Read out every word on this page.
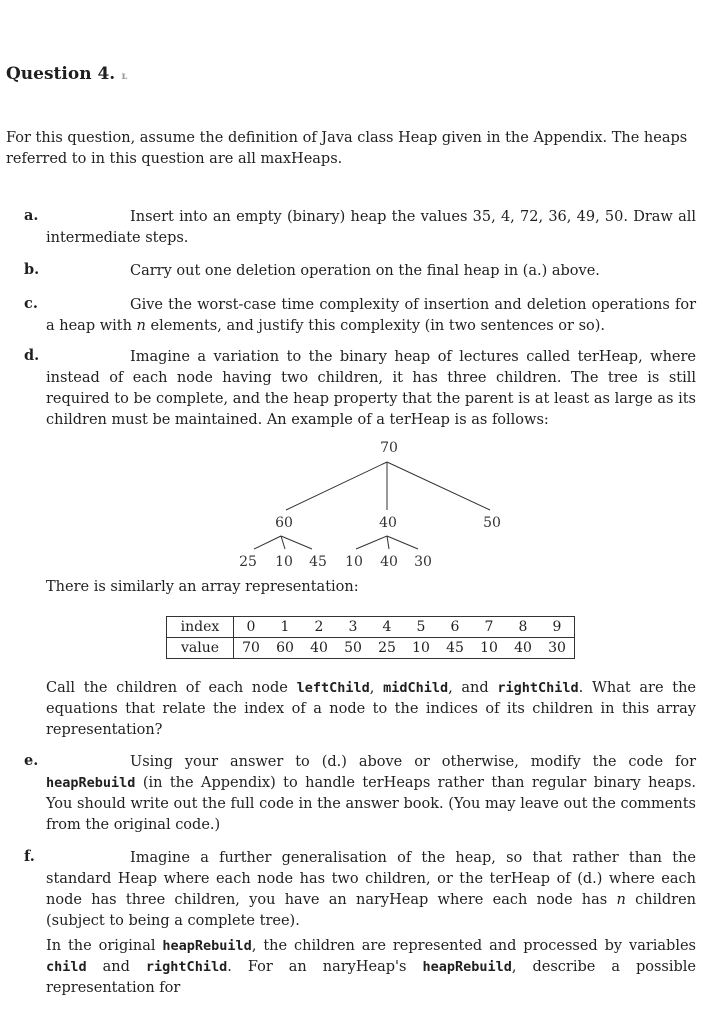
Question 4. ʟ
For this question, assume the definition of Java class Heap given in the Appendix. The heaps referred to in this question are all maxHeaps.
a.	Insert into an empty (binary) heap the values 35, 4, 72, 36, 49, 50. Draw all intermediate steps.
b.	Carry out one deletion operation on the final heap in (a.) above.
c.	Give the worst-case time complexity of insertion and deletion operations for a heap with n elements, and justify this complexity (in two sentences or so).
d.	Imagine a variation to the binary heap of lectures called terHeap, where instead of each node having two children, it has three children. The tree is still required to be complete, and the heap property that the parent is at least as large as its children must be maintained. An example of a terHeap is as follows:
70
60	40	50
25 10 45 10 40 30
There is similarly an array representation:
index	0	1	2	3	4	5	6	7	8	9
value	70	60	40	50	25	10	45	10	40	30
Call the children of each node leftChild, midChild, and rightChild. What are the equations that relate the index of a node to the indices of its children in this array representation?
e.	Using your answer to (d.) above or otherwise, modify the code for heapRebuild (in the Appendix) to handle terHeaps rather than regular binary heaps. You should write out the full code in the answer book. (You may leave out the comments from the original code.)
f.	Imagine a further generalisation of the heap, so that rather than the standard Heap where each node has two children, or the terHeap of (d.) where each node has three children, you have an naryHeap where each node has n children (subject to being a complete tree).
In the original heapRebuild, the children are represented and processed by variables child and rightChild. For an naryHeap's heapRebuild, describe a possible representation for
